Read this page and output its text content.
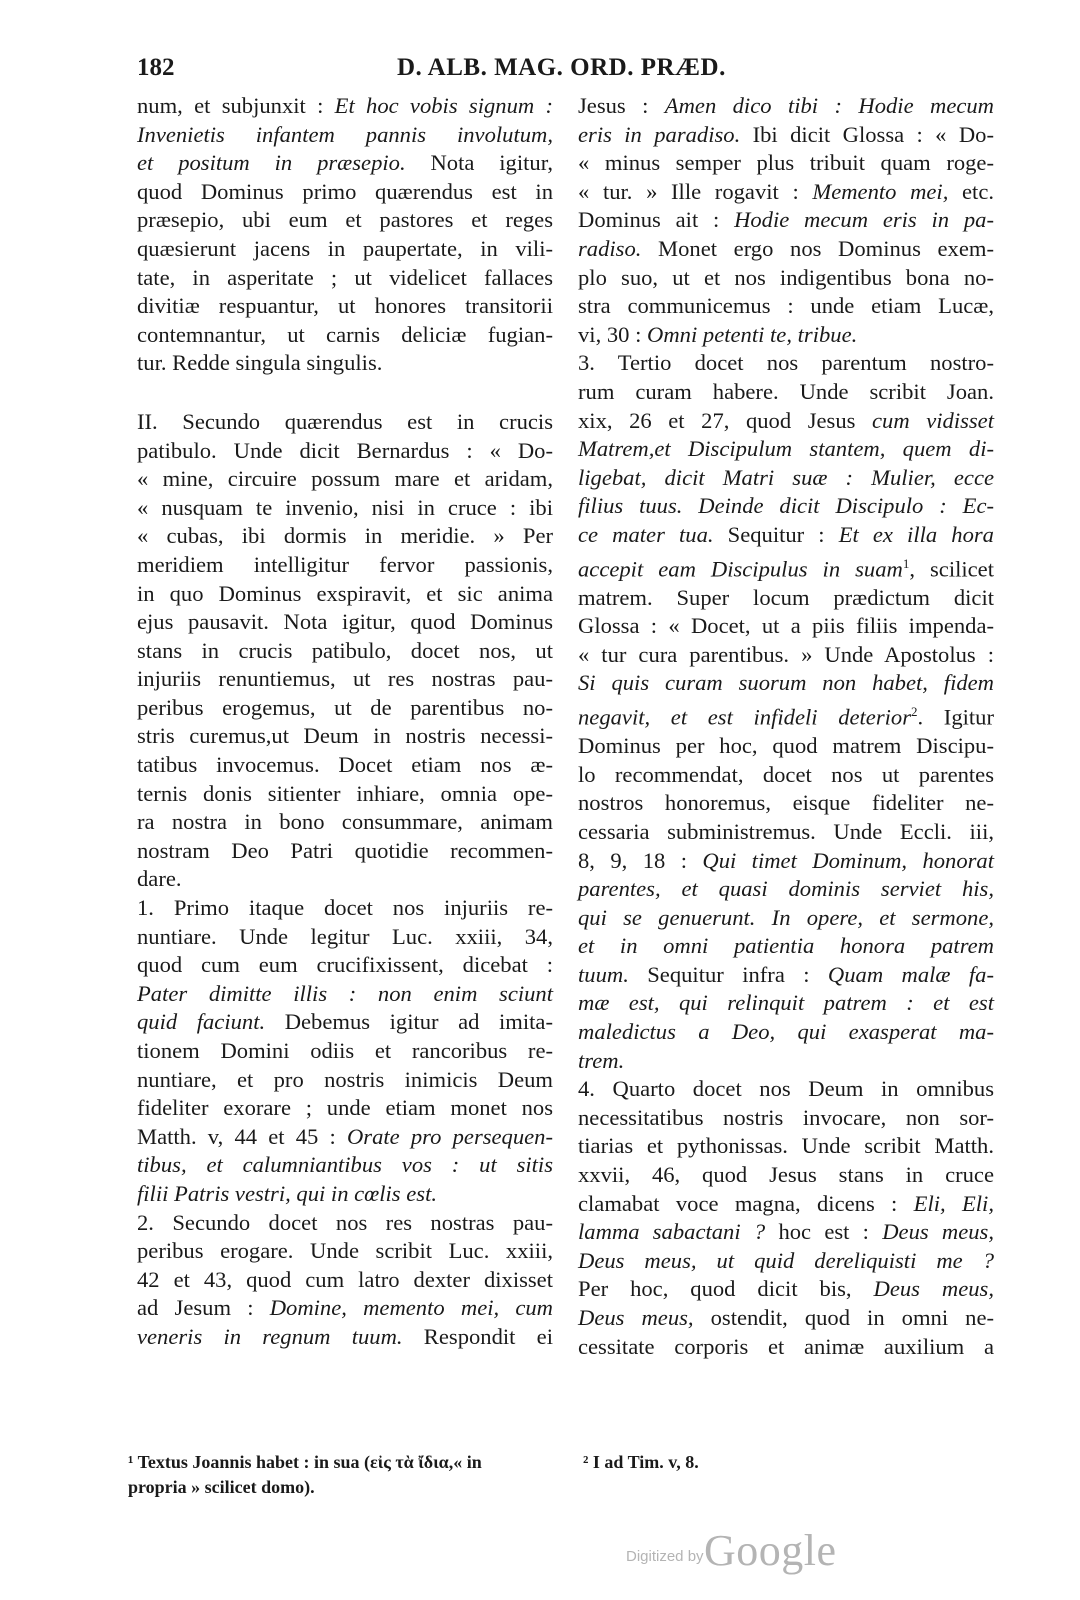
182	D. ALB. MAG. ORD. PRÆD.

num, et subjunxit : Et hoc vobis signum :

Invenietis infantem pannis involutum,

et positum in præsepio. Nota igitur,

quod Dominus primo quærendus est in

præsepio, ubi eum et pastores et reges

quæsierunt jacens in paupertate, in vili-

tate, in asperitate ; ut videlicet fallaces

divitiæ respuantur, ut honores transitorii

contemnantur, ut carnis deliciæ fugian-

tur. Redde singula singulis.

II. Secundo quærendus est in crucis

patibulo. Unde dicit Bernardus : « Do-

« mine, circuire possum mare et aridam,

« nusquam te invenio, nisi in cruce : ibi

« cubas, ibi dormis in meridie. » Per

meridiem intelligitur fervor passionis,

in quo Dominus exspiravit, et sic anima

ejus pausavit. Nota igitur, quod Dominus

stans in crucis patibulo, docet nos, ut

injuriis renuntiemus, ut res nostras pau-

peribus erogemus, ut de parentibus no-

stris curemus,ut Deum in nostris necessi-

tatibus invocemus. Docet etiam nos æ-

ternis donis sitienter inhiare, omnia ope-

ra nostra in bono consummare, animam

nostram Deo Patri quotidie recommen-

dare.

1. Primo itaque docet nos injuriis re-

nuntiare. Unde legitur Luc. xxiii, 34,

quod cum eum crucifixissent, dicebat :

Pater dimitte illis : non enim sciunt

quid faciunt. Debemus igitur ad imita-

tionem Domini odiis et rancoribus re-

nuntiare, et pro nostris inimicis Deum

fideliter exorare ; unde etiam monet nos

Matth. v, 44 et 45 : Orate pro persequen-

tibus, et calumniantibus vos : ut sitis

filii Patris vestri, qui in cœlis est.

2. Secundo docet nos res nostras pau-

peribus erogare. Unde scribit Luc. xxiii,

42 et 43, quod cum latro dexter dixisset

ad Jesum : Domine, memento mei, cum

veneris in regnum tuum. Respondit ei

Jesus : Amen dico tibi : Hodie mecum

eris in paradiso. Ibi dicit Glossa : « Do-

« minus semper plus tribuit quam roge-

« tur. » Ille rogavit : Memento mei, etc.

Dominus ait : Hodie mecum eris in pa-

radiso. Monet ergo nos Dominus exem-

plo suo, ut et nos indigentibus bona no-

stra communicemus : unde etiam Lucæ,

vi, 30 : Omni petenti te, tribue.

3. Tertio docet nos parentum nostro-

rum curam habere. Unde scribit Joan.

xix, 26 et 27, quod Jesus cum vidisset

Matrem,et Discipulum stantem, quem di-

ligebat, dicit Matri suæ : Mulier, ecce

filius tuus. Deinde dicit Discipulo : Ec-

ce mater tua. Sequitur : Et ex illa hora

accepit eam Discipulus in suam$^1$, scilicet

matrem. Super locum prædictum dicit

Glossa : « Docet, ut a piis filiis impenda-

« tur cura parentibus. » Unde Apostolus :

Si quis curam suorum non habet, fidem

negavit, et est infideli deterior$^2$. Igitur

Dominus per hoc, quod matrem Discipu-

lo recommendat, docet nos ut parentes

nostros honoremus, eisque fideliter ne-

cessaria subministremus. Unde Eccli. iii,

8, 9, 18 : Qui timet Dominum, honorat

parentes, et quasi dominis serviet his,

qui se genuerunt. In opere, et sermone,

et in omni patientia honora patrem

tuum. Sequitur infra : Quam malæ fa-

mæ est, qui relinquit patrem : et est

maledictus a Deo, qui exasperat ma-

trem.

4. Quarto docet nos Deum in omnibus

necessitatibus nostris invocare, non sor-

tiarias et pythonissas. Unde scribit Matth.

xxvii, 46, quod Jesus stans in cruce

clamabat voce magna, dicens : Eli, Eli,

lamma sabactani ? hoc est : Deus meus,

Deus meus, ut quid dereliquisti me ?

Per hoc, quod dicit bis, Deus meus,

Deus meus, ostendit, quod in omni ne-

cessitate corporis et animæ auxilium a

¹ Textus Joannis habet : in sua (εἰς τὰ ἴδια,« in
propria » scilicet domo).
² I ad Tim. v, 8.
Digitized by Google
